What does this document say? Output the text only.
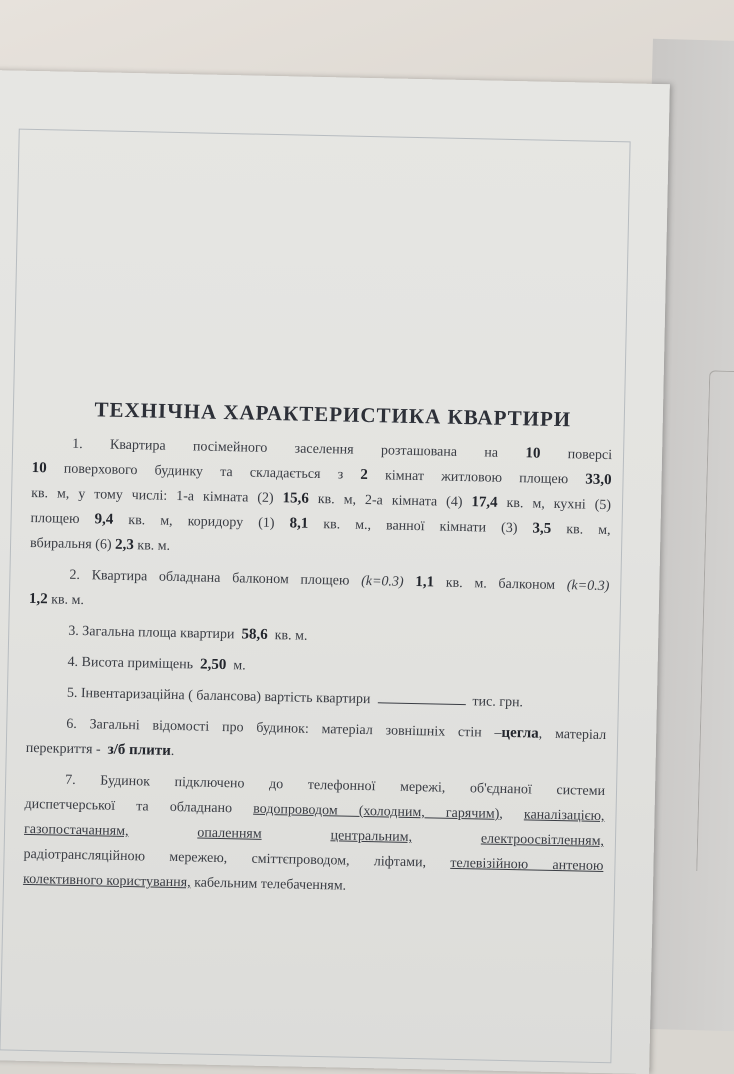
ТЕХНІЧНА ХАРАКТЕРИСТИКА КВАРТИРИ

1. Квартира посімейного заселення розташована на 10 поверсі

10 поверхового будинку та складається з 2 кімнат житловою площею 33,0

кв. м, у тому числі: 1-а кімната (2) 15,6 кв. м, 2-а кімната (4) 17,4 кв. м, кухні (5)

площею 9,4 кв. м, коридору (1) 8,1 кв. м., ванної кімнати (3) 3,5 кв. м,

вбиральня (6) 2,3 кв. м.

2. Квартира обладнана балконом площею (k=0.3) 1,1 кв. м. балконом (k=0.3)

1,2 кв. м.

3. Загальна площа квартири 58,6 кв. м.

4. Висота приміщень 2,50 м.

5. Інвентаризаційна ( балансова) вартість квартири	тис. грн.

6. Загальні відомості про будинок: матеріал зовнішніх стін –цегла, матеріал

перекриття - з/б плити.

7. Будинок підключено до телефонної мережі, об'єднаної системи

диспетчерської та обладнано водопроводом (холодним, гарячим), каналізацією,

газопостачанням,	опаленням	центральним,	електроосвітленням,

радіотрансляційною мережею, сміттєпроводом, ліфтами, телевізійною антеною

колективного користування, кабельним телебаченням.
